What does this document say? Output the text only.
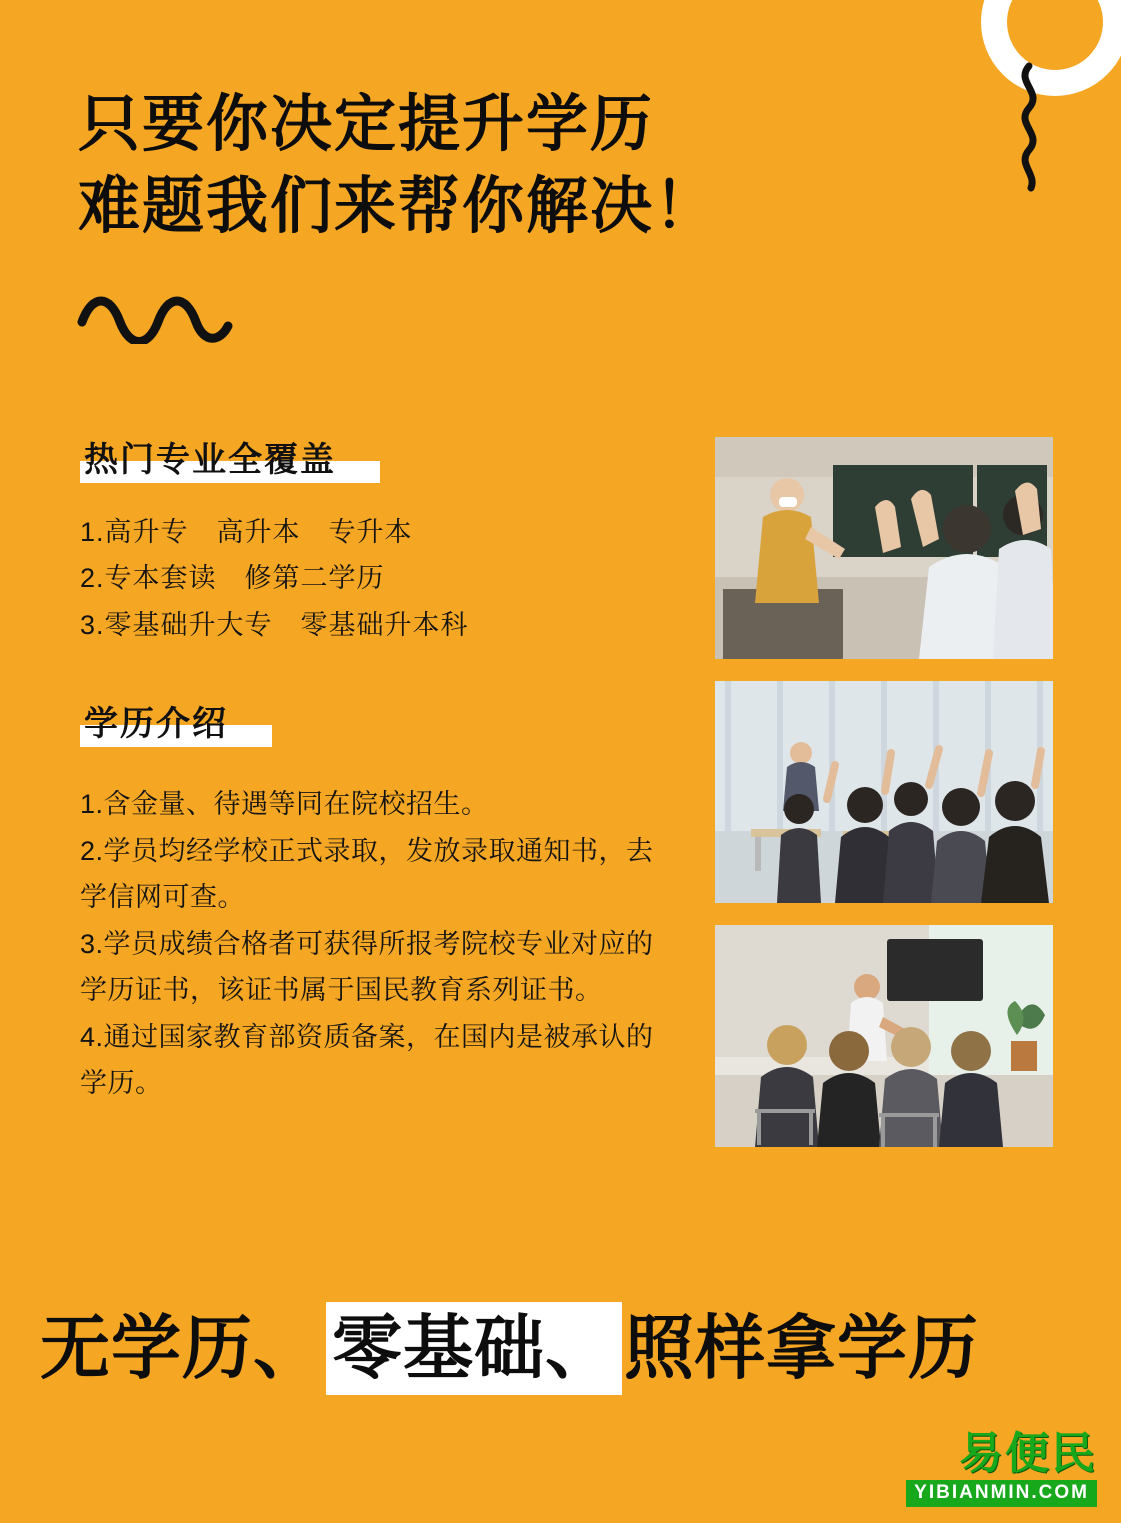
只要你决定提升学历
难题我们来帮你解决！
热门专业全覆盖
1.高升专　高升本　专升本
2.专本套读　修第二学历
3.零基础升大专　零基础升本科
学历介绍
1.含金量、待遇等同在院校招生。
2.学员均经学校正式录取，发放录取通知书，去学信网可查。
3.学员成绩合格者可获得所报考院校专业对应的学历证书，该证书属于国民教育系列证书。
4.通过国家教育部资质备案，在国内是被承认的学历。
无学历、 零基础、 照样拿学历
易便民
YIBIANMIN.COM
